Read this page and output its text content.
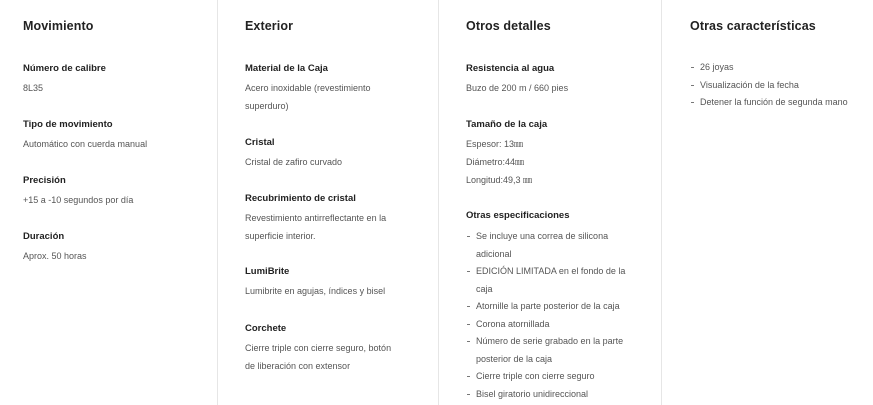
Movimiento
Número de calibre
8L35
Tipo de movimiento
Automático con cuerda manual
Precisión
+15 a -10 segundos por día
Duración
Aprox. 50 horas
Exterior
Material de la Caja
Acero inoxidable (revestimiento
superduro)
Cristal
Cristal de zafiro curvado
Recubrimiento de cristal
Revestimiento antirreflectante en la
superficie interior.
LumiBrite
Lumibrite en agujas, índices y bisel
Corchete
Cierre triple con cierre seguro, botón
de liberación con extensor
Otros detalles
Resistencia al agua
Buzo de 200 m / 660 pies
Tamaño de la caja
Espesor: 13㎜
Diámetro:44㎜
Longitud:49,3 ㎜
Otras especificaciones
Se incluye una correa de silicona adicional
EDICIÓN LIMITADA en el fondo de la caja
Atornille la parte posterior de la caja
Corona atornillada
Número de serie grabado en la parte posterior de la caja
Cierre triple con cierre seguro
Bisel giratorio unidireccional
Otras características
26 joyas
Visualización de la fecha
Detener la función de segunda mano
